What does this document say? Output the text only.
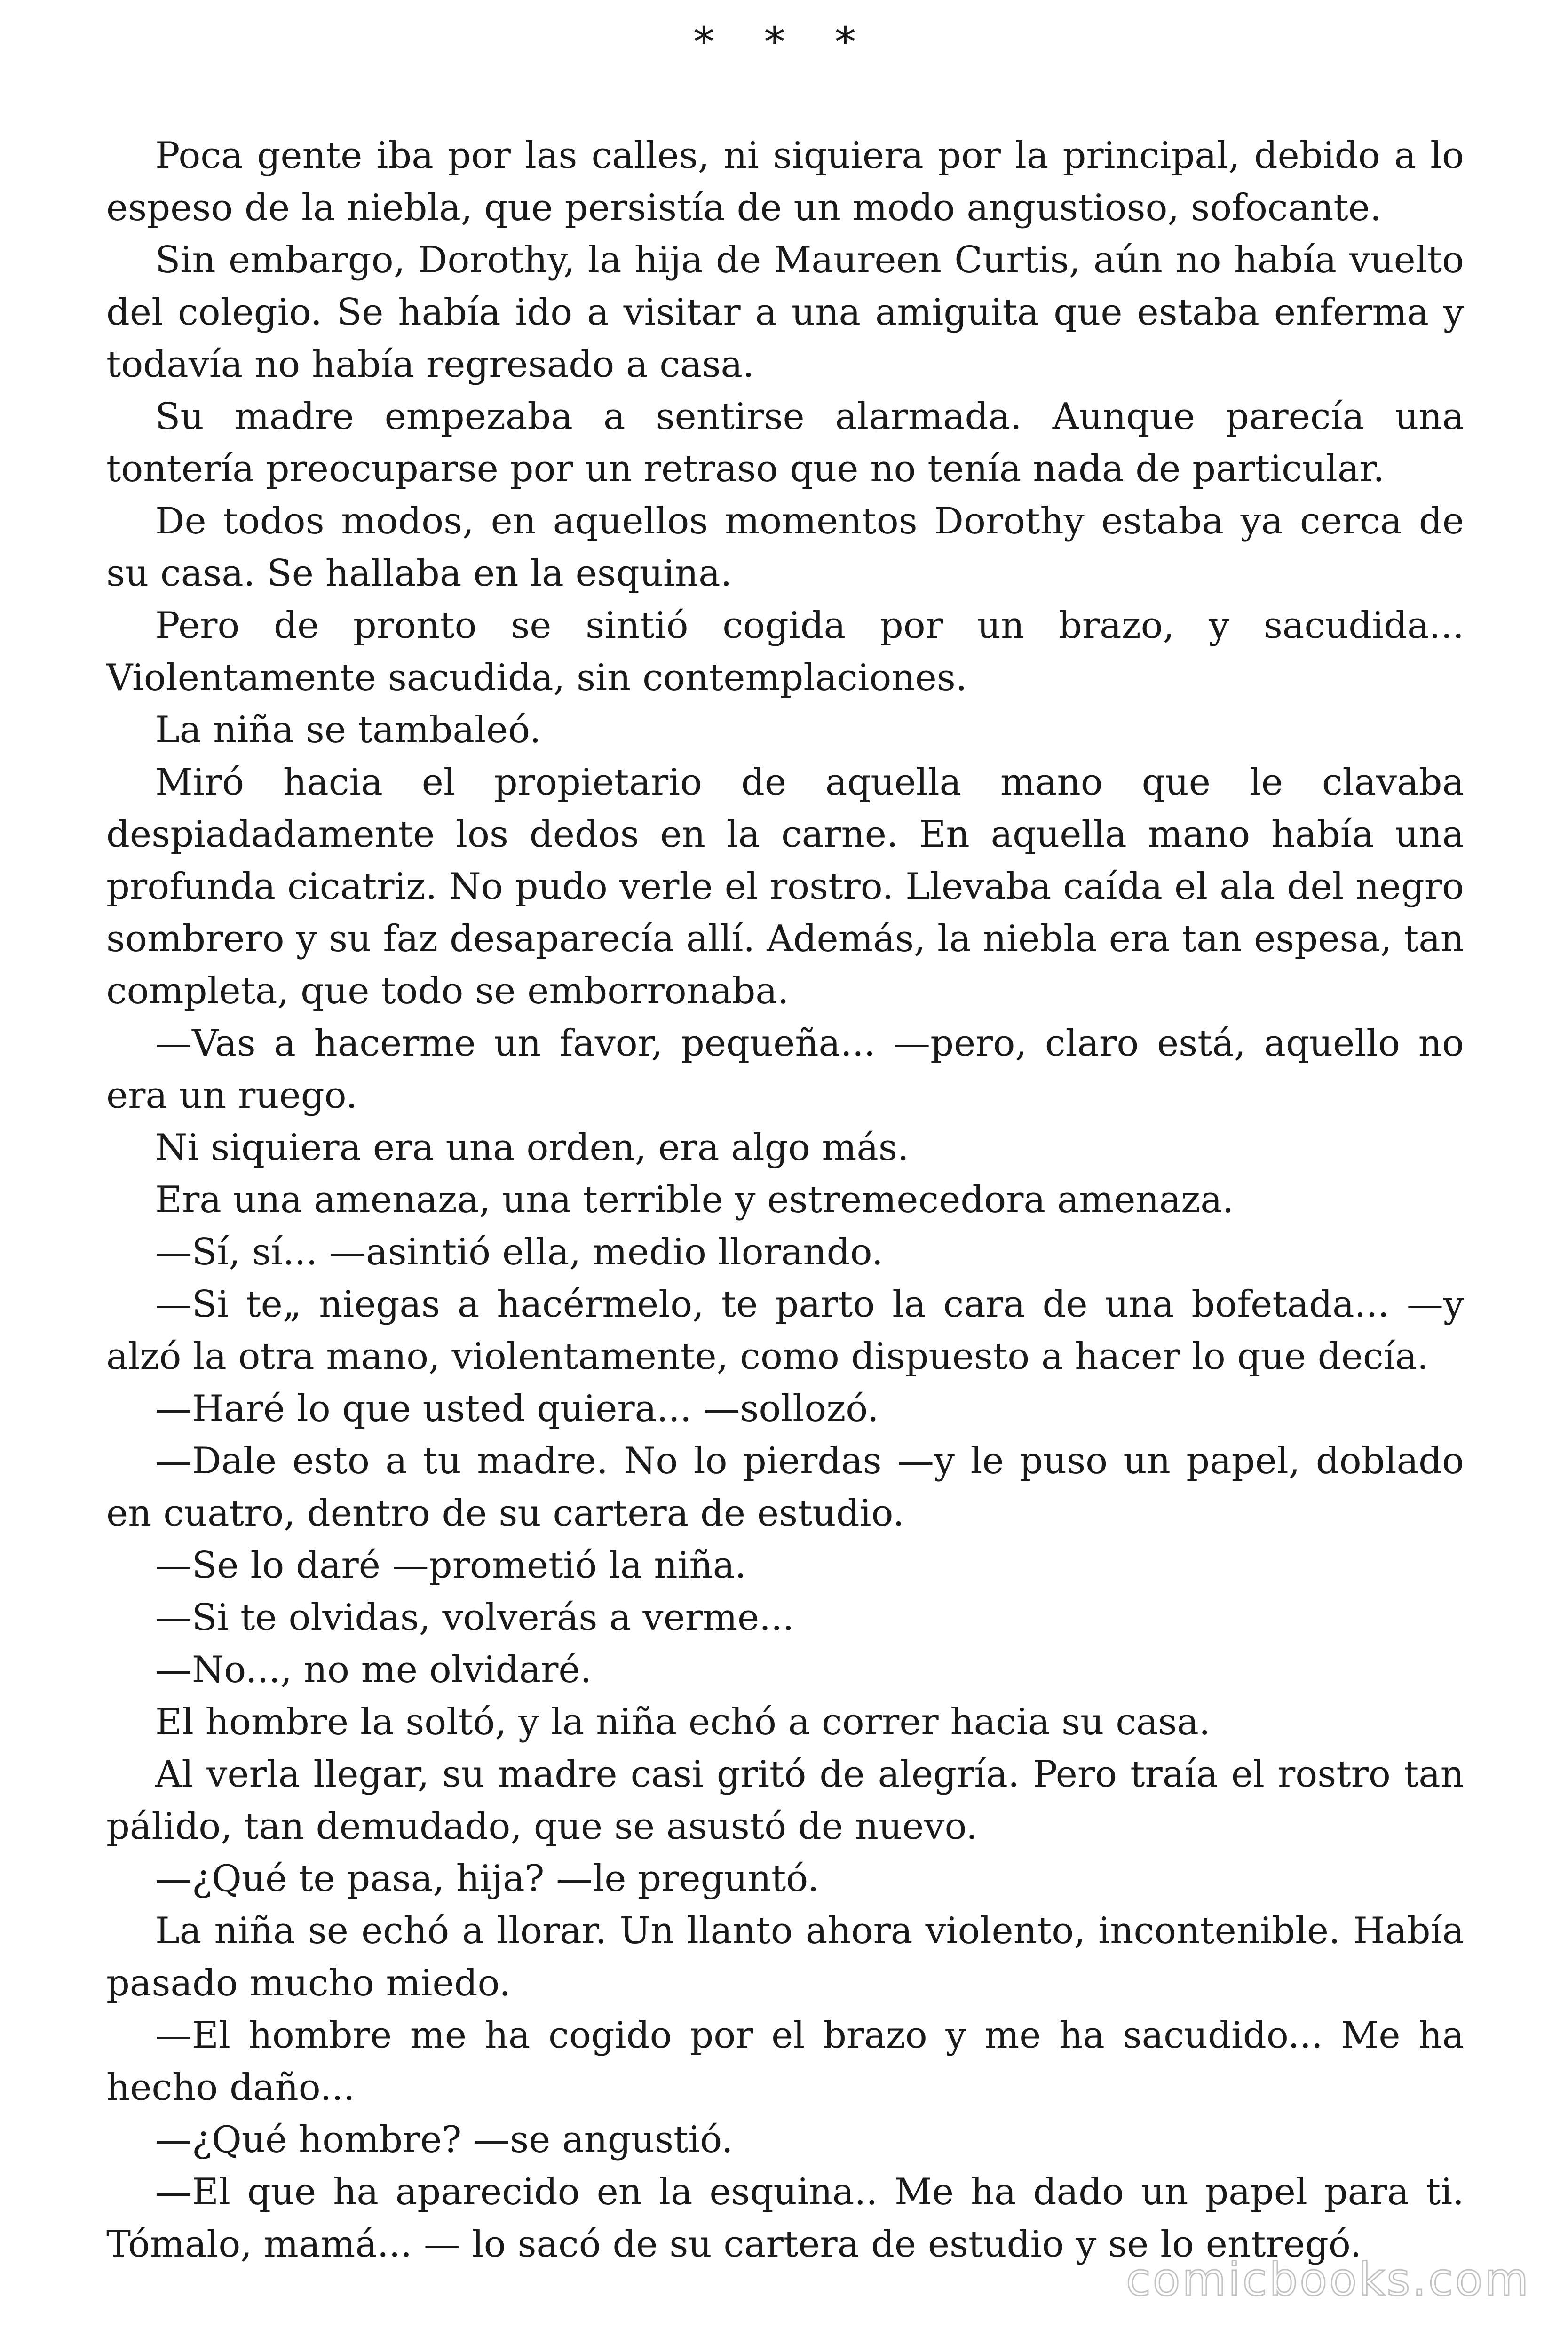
* * *

Poca gente iba por las calles, ni siquiera por la principal, debido a lo espeso de la niebla, que persistía de un modo angustioso, sofocante.

Sin embargo, Dorothy, la hija de Maureen Curtis, aún no había vuelto del colegio. Se había ido a visitar a una amiguita que estaba enferma y todavía no había regresado a casa.

Su madre empezaba a sentirse alarmada. Aunque parecía una tontería preocuparse por un retraso que no tenía nada de particular.

De todos modos, en aquellos momentos Dorothy estaba ya cerca de su casa. Se hallaba en la esquina.

Pero de pronto se sintió cogida por un brazo, y sacudida... Violentamente sacudida, sin contemplaciones.

La niña se tambaleó.

Miró hacia el propietario de aquella mano que le clavaba despiadadamente los dedos en la carne. En aquella mano había una profunda cicatriz. No pudo verle el rostro. Llevaba caída el ala del negro sombrero y su faz desaparecía allí. Además, la niebla era tan espesa, tan completa, que todo se emborronaba.

—Vas a hacerme un favor, pequeña... —pero, claro está, aquello no era un ruego.

Ni siquiera era una orden, era algo más.

Era una amenaza, una terrible y estremecedora amenaza.

—Sí, sí... —asintió ella, medio llorando.

—Si te„ niegas a hacérmelo, te parto la cara de una bofetada... —y alzó la otra mano, violentamente, como dispuesto a hacer lo que decía.

—Haré lo que usted quiera... —sollozó.

—Dale esto a tu madre. No lo pierdas —y le puso un papel, doblado en cuatro, dentro de su cartera de estudio.

—Se lo daré —prometió la niña.

—Si te olvidas, volverás a verme...

—No..., no me olvidaré.

El hombre la soltó, y la niña echó a correr hacia su casa.

Al verla llegar, su madre casi gritó de alegría. Pero traía el rostro tan pálido, tan demudado, que se asustó de nuevo.

—¿Qué te pasa, hija? —le preguntó.

La niña se echó a llorar. Un llanto ahora violento, incontenible. Había pasado mucho miedo.

—El hombre me ha cogido por el brazo y me ha sacudido... Me ha hecho daño...

—¿Qué hombre? —se angustió.

—El que ha aparecido en la esquina.. Me ha dado un papel para ti. Tómalo, mamá... — lo sacó de su cartera de estudio y se lo entregó.

comicbooks.com
